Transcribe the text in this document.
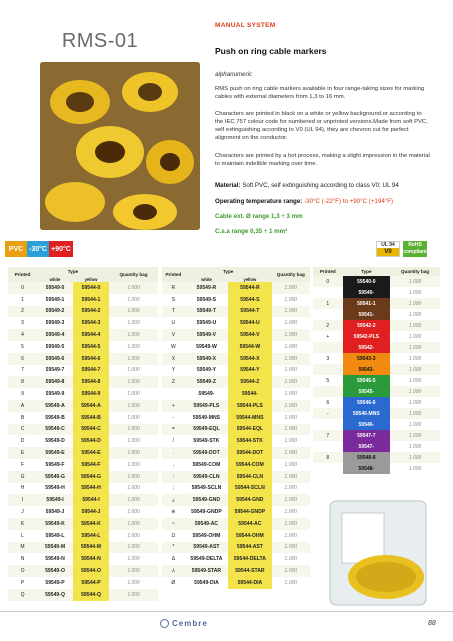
RMS-01
MANUAL SYSTEM
Push on ring cable markers
alphanumeric
RMS push on ring cable markers available in four range-taking sizes for marking cables with external diameters from 1,3 to 16 mm.
Characters are printed in black on a white or yellow background,or according to the IEC 757 colour code for numbered or unprinted versions.Made from soft PVC, self extinguishing according to V0 (UL 94), they are chevron cut for perfect alignment on the conductor.
Characters are printed by a hot process, making a slight impression in the material to maintain indelible marking over time.
Material: Soft PVC, self extinguishing according to class V0: UL 94
Operating temperature range: -30°C (-22°F) to +90°C (+194°F)
Cable ext. Ø range 1,3 ÷ 3 mm
C.s.a range 0,35 ÷ 1 mm²
PVC -30°C +90°C
UL 94
V0
RoHS compliant
Printed	Type		Quantity bag
	white	yellow	
0	59549-0	59544-0	1.000
1	59549-1	59544-1	1.000
2	59549-2	59544-2	1.000
3	59549-3	59544-3	1.000
4	59549-4	59544-4	1.000
5	59549-5	59544-5	1.000
6	59549-6	59544-6	1.000
7	59549-7	59544-7	1.000
8	59549-8	59544-8	1.000
9	59549-9	59544-9	1.000
A	59549-A	59544-A	1.000
B	59549-B	59544-B	1.000
C	59549-C	59544-C	1.000
D	59549-D	59544-D	1.000
E	59549-E	59544-E	1.000
F	59549-F	59544-F	1.000
G	59549-G	59544-G	1.000
H	59549-H	59544-H	1.000
I	59549-I	59544-I	1.000
J	59549-J	59544-J	1.000
K	59549-K	59544-K	1.000
L	59549-L	59544-L	1.000
M	59549-M	59544-M	1.000
N	59549-N	59544-N	1.000
O	59549-O	59544-O	1.000
P	59549-P	59544-P	1.000
Q	59549-Q	59544-Q	1.000
Printed	Type		Quantity bag
	white	yellow	
R	59549-R	59544-R	1.000
S	59549-S	59544-S	1.000
T	59549-T	59544-T	1.000
U	59549-U	59544-U	1.000
V	59549-V	59544-V	1.000
W	59549-W	59544-W	1.000
X	59549-X	59544-X	1.000
Y	59549-Y	59544-Y	1.000
Z	59549-Z	59544-Z	1.000
	59549-	59544-	1.000
+	59549-PLS	59544-PLS	1.000
-	59549-MNS	59544-MNS	1.000
=	59549-EQL	59544-EQL	1.000
/	59549-STK	59544-STK	1.000
.	59549-DOT	59544-DOT	1.000
,	59549-COM	59544-COM	1.000
:	59549-CLN	59544-CLN	1.000
;	59549-SCLN	59544-SCLN	1.000
⏚	59549-GND	59544-GND	1.000
⊜	59549-GNDP	59544-GNDP	1.000
~	59549-AC	59544-AC	1.000
Ω	59549-OHM	59544-OHM	1.000
*	59549-AST	59544-AST	1.000
Δ	59549-DELTA	59544-DELTA	1.000
⅄	59549-STAR	59544-STAR	1.000
Ø	59549-DIA	59544-DIA	1.000
Printed	Type	Quantity bag
0	59540-0	1.000
	59540-	1.000
1	59541-1	1.000
	59541-	1.000
2	59542-2	1.000
+	59542-PLS	1.000
	59542-	1.000
3	59543-3	1.000
	59543-	1.000
5	59545-5	1.000
	59545-	1.000
6	59546-6	1.000
-	59546-MNS	1.000
	59546-	1.000
7	59547-7	1.000
	59547-	1.000
8	59548-8	1.000
	59548-	1.000
Cembre	88
